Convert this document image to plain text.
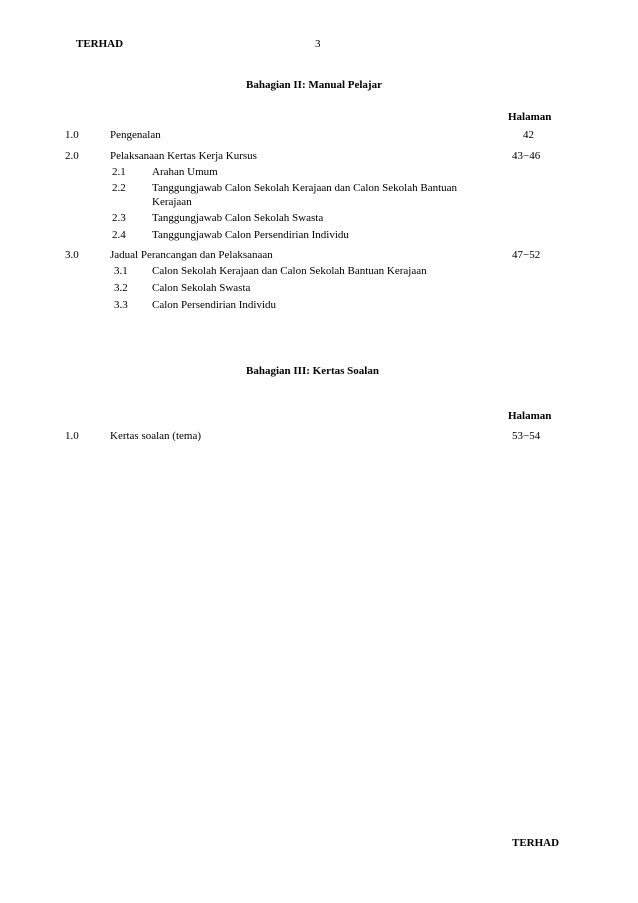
TERHAD	3
Bahagian II: Manual Pelajar
Halaman
1.0	Pengenalan	42
2.0	Pelaksanaan Kertas Kerja Kursus	43−46
2.1 Arahan Umum
2.2 Tanggungjawab Calon Sekolah Kerajaan dan Calon Sekolah Bantuan Kerajaan
2.3 Tanggungjawab Calon Sekolah Swasta
2.4 Tanggungjawab Calon Persendirian Individu
3.0	Jadual Perancangan dan Pelaksanaan	47−52
3.1 Calon Sekolah Kerajaan dan Calon Sekolah Bantuan Kerajaan
3.2 Calon Sekolah Swasta
3.3 Calon Persendirian Individu
Bahagian III: Kertas Soalan
Halaman
1.0	Kertas soalan (tema)	53−54
TERHAD
